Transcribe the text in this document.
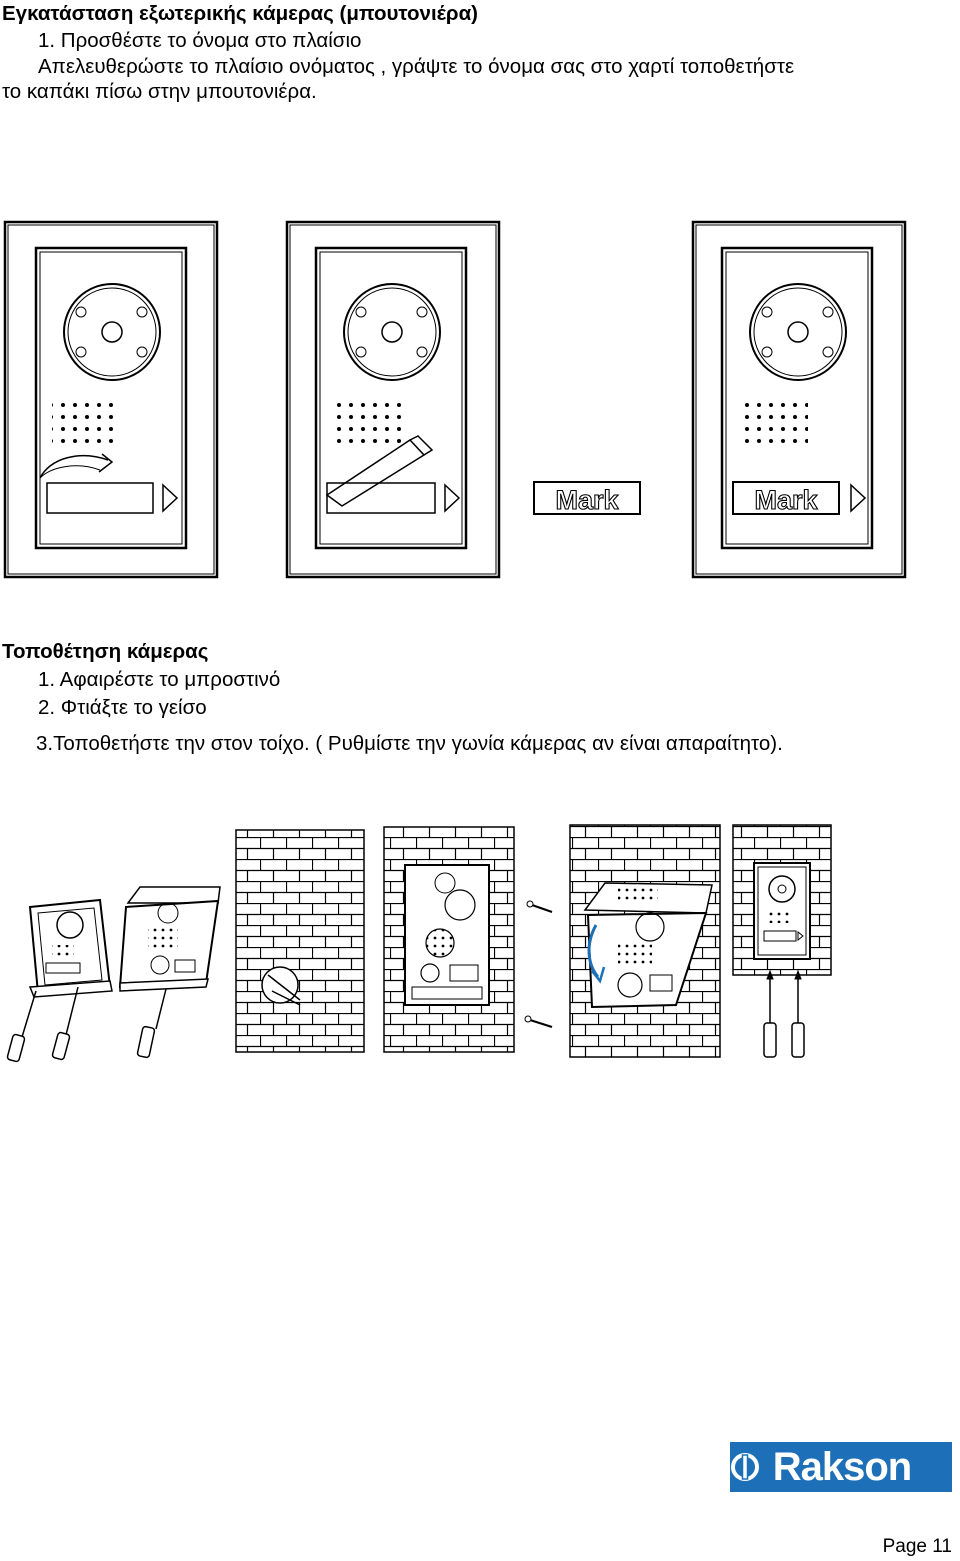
Εγκατάσταση εξωτερικής κάμερας (μπουτονιέρα)
1. Προσθέστε το όνομα στο πλαίσιο
Απελευθερώστε το πλαίσιο ονόματος , γράψτε το όνομα σας στο χαρτί τοποθετήστε
το καπάκι πίσω στην μπουτονιέρα.
Mark	Mark
Τοποθέτηση κάμερας
1. Αφαιρέστε το μπροστινό
2. Φτιάξτε το γείσο
3.Τοποθετήστε την στον τοίχο. ( Ρυθμίστε την γωνία κάμερας αν είναι απαραίτητο).
Rakson
Page 11
